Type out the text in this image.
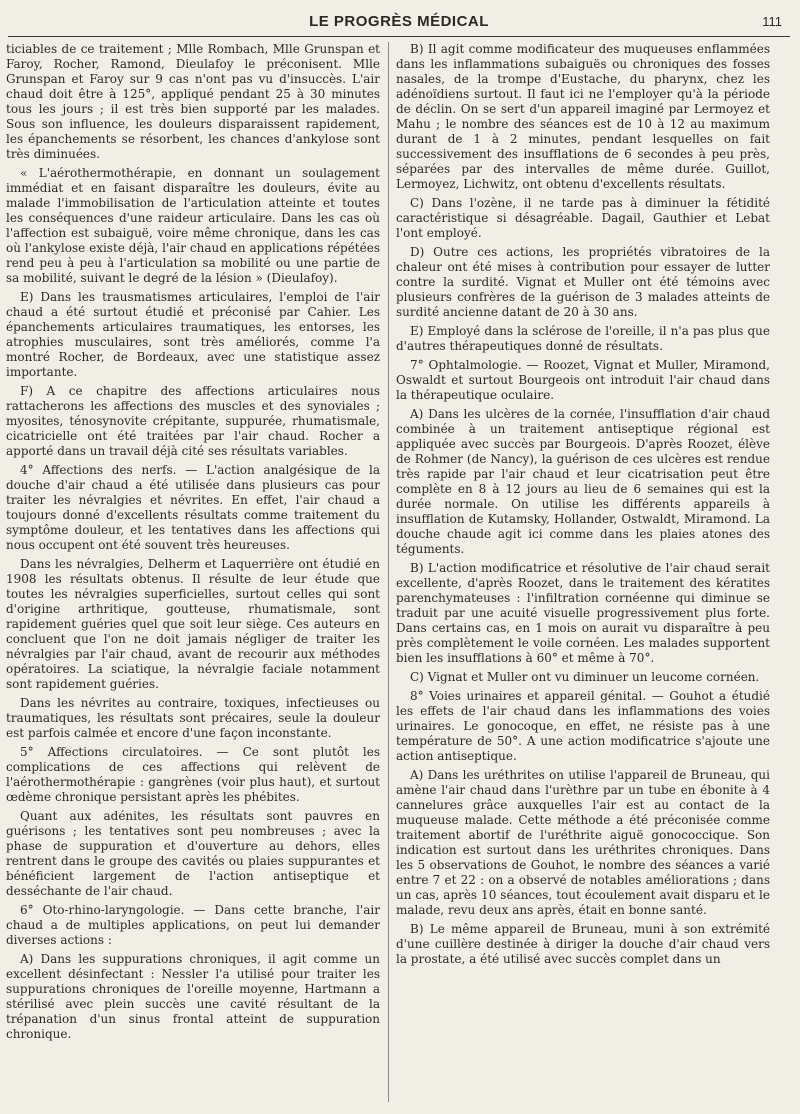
LE PROGRÈS MÉDICAL	111

ticiables de ce traitement ; Mlle Rombach, Mlle Grunspan et Faroy, Rocher, Ramond, Dieulafoy le préconisent. Mlle Grunspan et Faroy sur 9 cas n'ont pas vu d'insuccès. L'air chaud doit être à 125°, appliqué pendant 25 à 30 minutes tous les jours ; il est très bien supporté par les malades. Sous son influence, les douleurs disparaissent rapidement, les épanchements se résorbent, les chances d'ankylose sont très diminuées.

« L'aérothermothérapie, en donnant un soulagement immédiat et en faisant disparaître les douleurs, évite au malade l'immobilisation de l'articulation atteinte et toutes les conséquences d'une raideur articulaire. Dans les cas où l'affection est subaiguë, voire même chronique, dans les cas où l'ankylose existe déjà, l'air chaud en applications répétées rend peu à peu à l'articulation sa mobilité ou une partie de sa mobilité, suivant le degré de la lésion » (Dieulafoy).

E) Dans les trausmatismes articulaires, l'emploi de l'air chaud a été surtout étudié et préconisé par Cahier. Les épanchements articulaires traumatiques, les entorses, les atrophies musculaires, sont très améliorés, comme l'a montré Rocher, de Bordeaux, avec une statistique assez importante.

F) A ce chapitre des affections articulaires nous rattacherons les affections des muscles et des synoviales ; myosites, ténosynovite crépitante, suppurée, rhumatismale, cicatricielle ont été traitées par l'air chaud. Rocher a apporté dans un travail déjà cité ses résultats variables.

4° Affections des nerfs. — L'action analgésique de la douche d'air chaud a été utilisée dans plusieurs cas pour traiter les névralgies et névrites. En effet, l'air chaud a toujours donné d'excellents résultats comme traitement du symptôme douleur, et les tentatives dans les affections qui nous occupent ont été souvent très heureuses.

Dans les névralgies, Delherm et Laquerrière ont étudié en 1908 les résultats obtenus. Il résulte de leur étude que toutes les névralgies superficielles, surtout celles qui sont d'origine arthritique, goutteuse, rhumatismale, sont rapidement guéries quel que soit leur siège. Ces auteurs en concluent que l'on ne doit jamais négliger de traiter les névralgies par l'air chaud, avant de recourir aux méthodes opératoires. La sciatique, la névralgie faciale notamment sont rapidement guéries.

Dans les névrites au contraire, toxiques, infectieuses ou traumatiques, les résultats sont précaires, seule la douleur est parfois calmée et encore d'une façon inconstante.

5° Affections circulatoires. — Ce sont plutôt les complications de ces affections qui relèvent de l'aérothermothérapie : gangrènes (voir plus haut), et surtout œdème chronique persistant après les phébites.

Quant aux adénites, les résultats sont pauvres en guérisons ; les tentatives sont peu nombreuses ; avec la phase de suppuration et d'ouverture au dehors, elles rentrent dans le groupe des cavités ou plaies suppurantes et bénéficient largement de l'action antiseptique et desséchante de l'air chaud.

6° Oto-rhino-laryngologie. — Dans cette branche, l'air chaud a de multiples applications, on peut lui demander diverses actions :

A) Dans les suppurations chroniques, il agit comme un excellent désinfectant : Nessler l'a utilisé pour traiter les suppurations chroniques de l'oreille moyenne, Hartmann a stérilisé avec plein succès une cavité résultant de la trépanation d'un sinus frontal atteint de suppuration chronique.

B) Il agit comme modificateur des muqueuses enflammées dans les inflammations subaiguës ou chroniques des fosses nasales, de la trompe d'Eustache, du pharynx, chez les adénoïdiens surtout. Il faut ici ne l'employer qu'à la période de déclin. On se sert d'un appareil imaginé par Lermoyez et Mahu ; le nombre des séances est de 10 à 12 au maximum durant de 1 à 2 minutes, pendant lesquelles on fait successivement des insufflations de 6 secondes à peu près, séparées par des intervalles de même durée. Guillot, Lermoyez, Lichwitz, ont obtenu d'excellents résultats.

C) Dans l'ozène, il ne tarde pas à diminuer la fétidité caractéristique si désagréable. Dagail, Gauthier et Lebat l'ont employé.

D) Outre ces actions, les propriétés vibratoires de la chaleur ont été mises à contribution pour essayer de lutter contre la surdité. Vignat et Muller ont été témoins avec plusieurs confrères de la guérison de 3 malades atteints de surdité ancienne datant de 20 à 30 ans.

E) Employé dans la sclérose de l'oreille, il n'a pas plus que d'autres thérapeutiques donné de résultats.

7° Ophtalmologie. — Roozet, Vignat et Muller, Miramond, Oswaldt et surtout Bourgeois ont introduit l'air chaud dans la thérapeutique oculaire.

A) Dans les ulcères de la cornée, l'insufflation d'air chaud combinée à un traitement antiseptique régional est appliquée avec succès par Bourgeois. D'après Roozet, élève de Rohmer (de Nancy), la guérison de ces ulcères est rendue très rapide par l'air chaud et leur cicatrisation peut être complète en 8 à 12 jours au lieu de 6 semaines qui est la durée normale. On utilise les différents appareils à insufflation de Kutamsky, Hollander, Ostwaldt, Miramond. La douche chaude agit ici comme dans les plaies atones des téguments.

B) L'action modificatrice et résolutive de l'air chaud serait excellente, d'après Roozet, dans le traitement des kératites parenchymateuses : l'infiltration cornéenne qui diminue se traduit par une acuité visuelle progressivement plus forte. Dans certains cas, en 1 mois on aurait vu disparaître à peu près complètement le voile cornéen. Les malades supportent bien les insufflations à 60° et même à 70°.

C) Vignat et Muller ont vu diminuer un leucome cornéen.

8° Voies urinaires et appareil génital. — Gouhot a étudié les effets de l'air chaud dans les inflammations des voies urinaires. Le gonocoque, en effet, ne résiste pas à une température de 50°. A une action modificatrice s'ajoute une action antiseptique.

A) Dans les uréthrites on utilise l'appareil de Bruneau, qui amène l'air chaud dans l'urèthre par un tube en ébonite à 4 cannelures grâce auxquelles l'air est au contact de la muqueuse malade. Cette méthode a été préconisée comme traitement abortif de l'uréthrite aiguë gonococcique. Son indication est surtout dans les uréthrites chroniques. Dans les 5 observations de Gouhot, le nombre des séances a varié entre 7 et 22 : on a observé de notables améliorations ; dans un cas, après 10 séances, tout écoulement avait disparu et le malade, revu deux ans après, était en bonne santé.

B) Le même appareil de Bruneau, muni à son extrémité d'une cuillère destinée à diriger la douche d'air chaud vers la prostate, a été utilisé avec succès complet dans un
